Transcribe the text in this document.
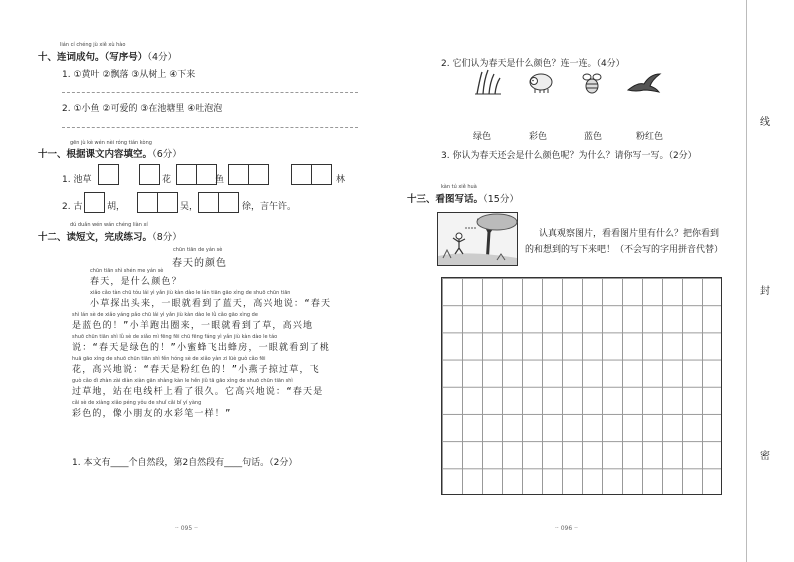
lián cí chéng jù xiě xù hào
十、连词成句。（写序号）（4分）
1. ①黄叶 ②飘落 ③从树上 ④下来
2. ①小鱼 ②可爱的 ③在池塘里 ④吐泡泡
gēn jù kè wén nèi róng tián kòng
十一、根据课文内容填空。（6分）
1. 池草	花	鱼	林
2. 古	胡，	吴，	徐，言午许。
dú duǎn wén wán chéng liàn xí
十二、读短文，完成练习。（8分）
chūn tiān de yán sè
春天的颜色
chūn tiān shì shén me yán sè
春天，是什么颜色？
xiǎo cǎo tàn chū tóu lái yì yǎn jiù kàn dào le lán tiān gāo xìng de shuō chūn tiān
小草探出头来，一眼就看到了蓝天，高兴地说：“春天
shì lán sè de xiǎo yáng pǎo chū lái yì yǎn jiù kàn dào le lǜ cǎo gāo xìng de
是蓝色的！”小羊跑出圈来，一眼就看到了草，高兴地
shuō chūn tiān shì lǜ sè de xiǎo mì fēng fēi chū fēng fáng yì yǎn jiù kàn dào le táo
说：“春天是绿色的！”小蜜蜂飞出蜂房，一眼就看到了桃
huā gāo xìng de shuō chūn tiān shì fěn hóng sè de xiǎo yàn zi lüè guò cǎo fēi
花，高兴地说：“春天是粉红色的！”小燕子掠过草，飞
guò cǎo dì zhàn zài diàn xiàn gān shàng kàn le hěn jiǔ tā gāo xìng de shuō chūn tiān shì
过草地，站在电线杆上看了很久。它高兴地说：“春天是
cǎi sè de xiàng xiǎo péng yǒu de shuǐ cǎi bǐ yí yàng
彩色的，像小朋友的水彩笔一样！”
1. 本文有____个自然段，第2自然段有____句话。（2分）
·· 095 ··
2. 它们认为春天是什么颜色？连一连。（4分）
绿色	彩色	蓝色	粉红色
3. 你认为春天还会是什么颜色呢？为什么？请你写一写。（2分）
kàn tú xiě huà
十三、看图写话。（15分）
认真观察图片，看看图片里有什么？把你看到
的和想到的写下来吧！（不会写的字用拼音代替）
·· 096 ··
线
封
密
